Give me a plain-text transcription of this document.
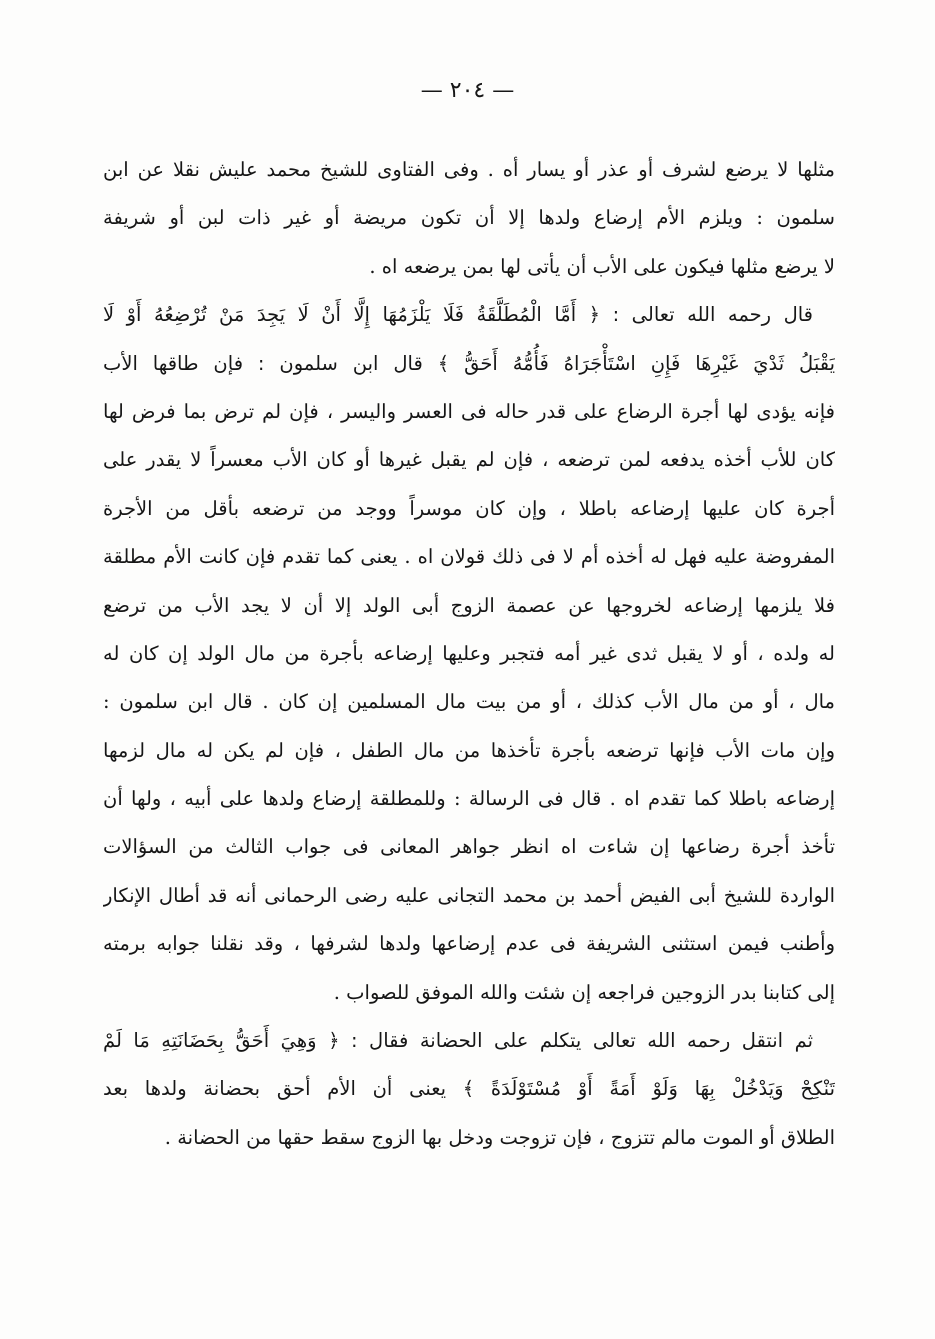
— ٢٠٤ —
مثلها لا يرضع لشرف أو عذر أو يسار أه . وفى الفتاوى للشيخ محمد عليش نقلا عن ابن
سلمون : ويلزم الأم إرضاع ولدها إلا أن تكون مريضة أو غير ذات لبن أو شريفة
لا يرضع مثلها فيكون على الأب أن يأتى لها بمن يرضعه اه .
قال رحمه الله تعالى : ﴿ أَمَّا الْمُطَلَّقَةُ فَلَا يَلْزَمُهَا إِلَّا أَنْ لَا يَجِدَ مَنْ تُرْضِعُهُ أَوْ لَا
يَقْبَلُ ثَدْيَ غَيْرِهَا فَإِنِ اسْتَأْجَرَاهُ فَأُمُّهُ أَحَقُّ ﴾ قال ابن سلمون : فإن طاقها الأب
فإنه يؤدى لها أجرة الرضاع على قدر حاله فى العسر واليسر ، فإن لم ترض بما فرض لها
كان للأب أخذه يدفعه لمن ترضعه ، فإن لم يقبل غيرها أو كان الأب معسراً لا يقدر على
أجرة كان عليها إرضاعه باطلا ، وإن كان موسراً ووجد من ترضعه بأقل من الأجرة
المفروضة عليه فهل له أخذه أم لا فى ذلك قولان اه . يعنى كما تقدم فإن كانت الأم مطلقة
فلا يلزمها إرضاعه لخروجها عن عصمة الزوج أبى الولد إلا أن لا يجد الأب من ترضع
له ولده ، أو لا يقبل ثدى غير أمه فتجبر وعليها إرضاعه بأجرة من مال الولد إن كان له
مال ، أو من مال الأب كذلك ، أو من بيت مال المسلمين إن كان . قال ابن سلمون :
وإن مات الأب فإنها ترضعه بأجرة تأخذها من مال الطفل ، فإن لم يكن له مال لزمها
إرضاعه باطلا كما تقدم اه . قال فى الرسالة : وللمطلقة إرضاع ولدها على أبيه ، ولها أن
تأخذ أجرة رضاعها إن شاءت اه انظر جواهر المعانى فى جواب الثالث من السؤالات
الواردة للشيخ أبى الفيض أحمد بن محمد التجانى عليه رضى الرحمانى أنه قد أطال الإنكار
وأطنب فيمن استثنى الشريفة فى عدم إرضاعها ولدها لشرفها ، وقد نقلنا جوابه برمته
إلى كتابنا بدر الزوجين فراجعه إن شئت والله الموفق للصواب .
ثم انتقل رحمه الله تعالى يتكلم على الحضانة فقال : ﴿ وَهِيَ أَحَقُّ بِحَضَانَتِهِ مَا لَمْ
تَنْكِحْ وَيَدْخُلْ بِهَا وَلَوْ أَمَةً أَوْ مُسْتَوْلَدَةً ﴾ يعنى أن الأم أحق بحضانة ولدها بعد
الطلاق أو الموت مالم تتزوج ، فإن تزوجت ودخل بها الزوج سقط حقها من الحضانة .
